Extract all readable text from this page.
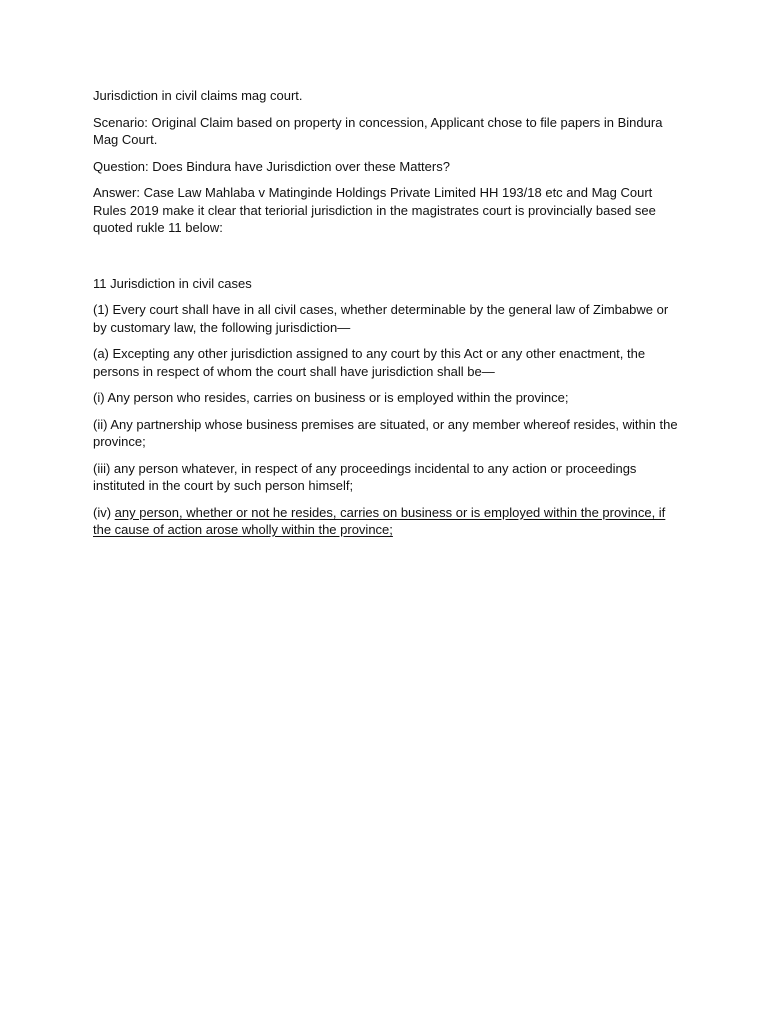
Jurisdiction in civil claims mag court.

Scenario: Original Claim based on property in concession, Applicant chose to file papers in Bindura Mag Court.

Question: Does Bindura have Jurisdiction over these Matters?

Answer: Case Law Mahlaba v Matinginde Holdings Private Limited HH 193/18 etc and Mag Court Rules 2019 make it clear that teriorial jurisdiction in the magistrates court is provincially based see quoted rukle 11 below:

11 Jurisdiction in civil cases

(1) Every court shall have in all civil cases, whether determinable by the general law of Zimbabwe or by customary law, the following jurisdiction—

(a) Excepting any other jurisdiction assigned to any court by this Act or any other enactment, the persons in respect of whom the court shall have jurisdiction shall be—

(i) Any person who resides, carries on business or is employed within the province;

(ii) Any partnership whose business premises are situated, or any member whereof resides, within the province;

(iii) any person whatever, in respect of any proceedings incidental to any action or proceedings instituted in the court by such person himself;

(iv) any person, whether or not he resides, carries on business or is employed within the province, if the cause of action arose wholly within the province;
